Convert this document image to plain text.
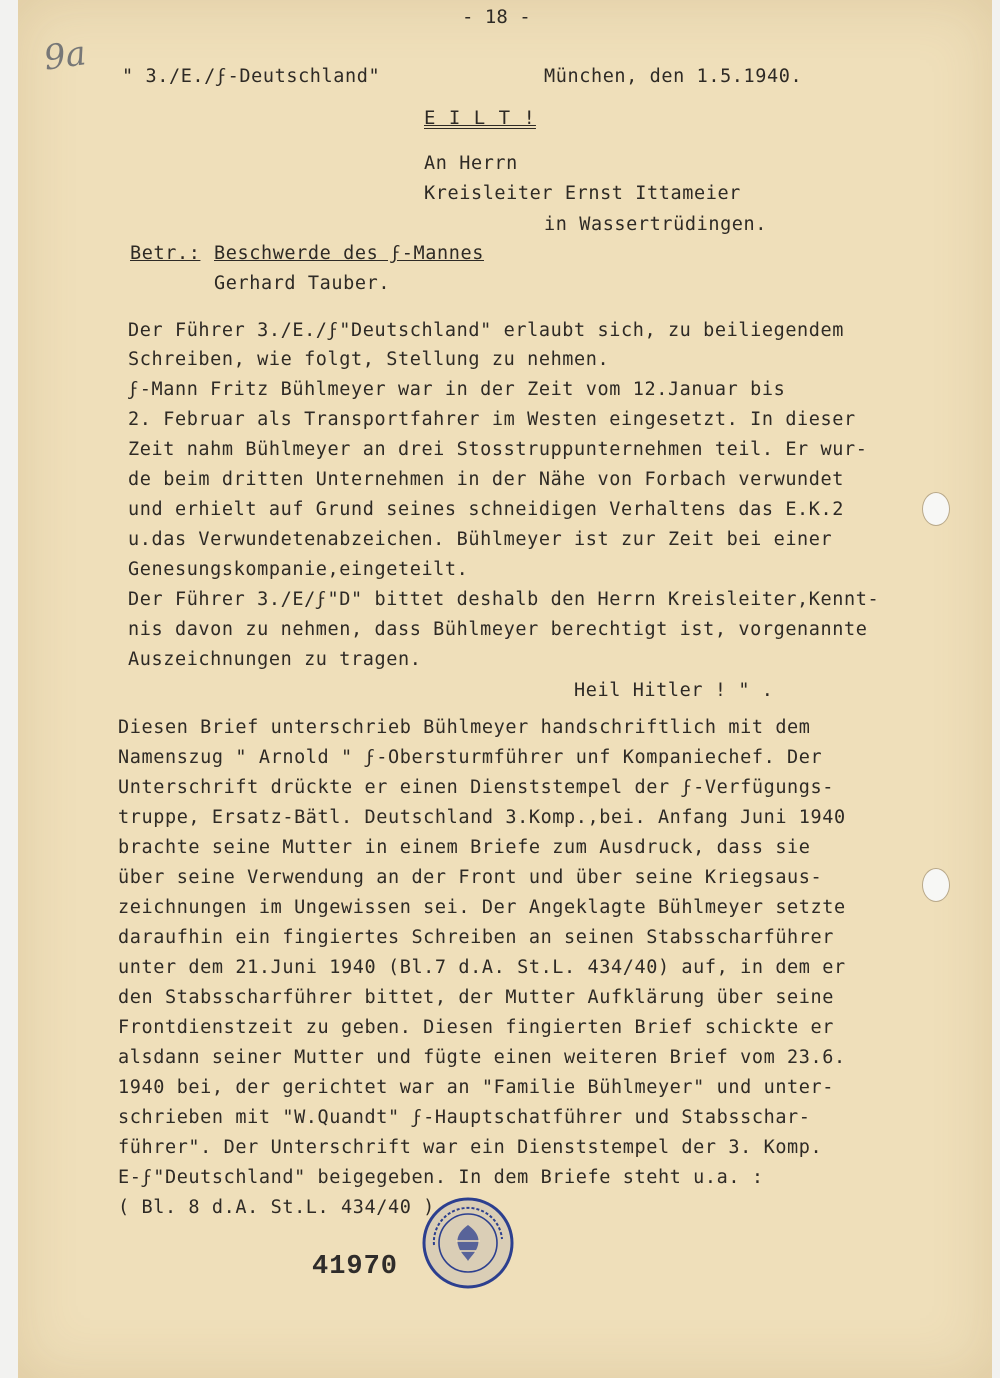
- 18 -
9a " 3./E./ϝ-Deutschland"	München, den 1.5.1940.
E I L T !
An Herrn
Kreisleiter Ernst Ittameier
in Wassertrüdingen.
Betr.: Beschwerde des ϝ-Mannes
Gerhard Tauber.
Der Führer 3./E./ϝ"Deutschland" erlaubt sich, zu beiliegendem
Schreiben, wie folgt, Stellung zu nehmen.
ϝ-Mann Fritz Bühlmeyer war in der Zeit vom 12.Januar bis
2. Februar als Transportfahrer im Westen eingesetzt. In dieser
Zeit nahm Bühlmeyer an drei Stosstruppunternehmen teil. Er wur-
de beim dritten Unternehmen in der Nähe von Forbach verwundet
und erhielt auf Grund seines schneidigen Verhaltens das E.K.2
u.das Verwundetenabzeichen. Bühlmeyer ist zur Zeit bei einer
Genesungskompanie,eingeteilt.
Der Führer 3./E/ϝ"D" bittet deshalb den Herrn Kreisleiter,Kennt-
nis davon zu nehmen, dass Bühlmeyer berechtigt ist, vorgenannte
Auszeichnungen zu tragen.
Heil Hitler ! " .
Diesen Brief unterschrieb Bühlmeyer handschriftlich mit dem
Namenszug " Arnold " ϝ-Obersturmführer unf Kompaniechef. Der
Unterschrift drückte er einen Dienststempel der ϝ-Verfügungs-
truppe, Ersatz-Bätl. Deutschland 3.Komp.,bei. Anfang Juni 1940
brachte seine Mutter in einem Briefe zum Ausdruck, dass sie
über seine Verwendung an der Front und über seine Kriegsaus-
zeichnungen im Ungewissen sei. Der Angeklagte Bühlmeyer setzte
daraufhin ein fingiertes Schreiben an seinen Stabsscharführer
unter dem 21.Juni 1940 (Bl.7 d.A. St.L. 434/40) auf, in dem er
den Stabsscharführer bittet, der Mutter Aufklärung über seine
Frontdienstzeit zu geben. Diesen fingierten Brief schickte er
alsdann seiner Mutter und fügte einen weiteren Brief vom 23.6.
1940 bei, der gerichtet war an "Familie Bühlmeyer" und unter-
schrieben mit "W.Quandt" ϝ-Hauptschatführer und Stabsschar-
führer". Der Unterschrift war ein Dienststempel der 3. Komp.
E-ϝ"Deutschland" beigegeben. In dem Briefe steht u.a. :
( Bl. 8 d.A. St.L. 434/40 )
41970
